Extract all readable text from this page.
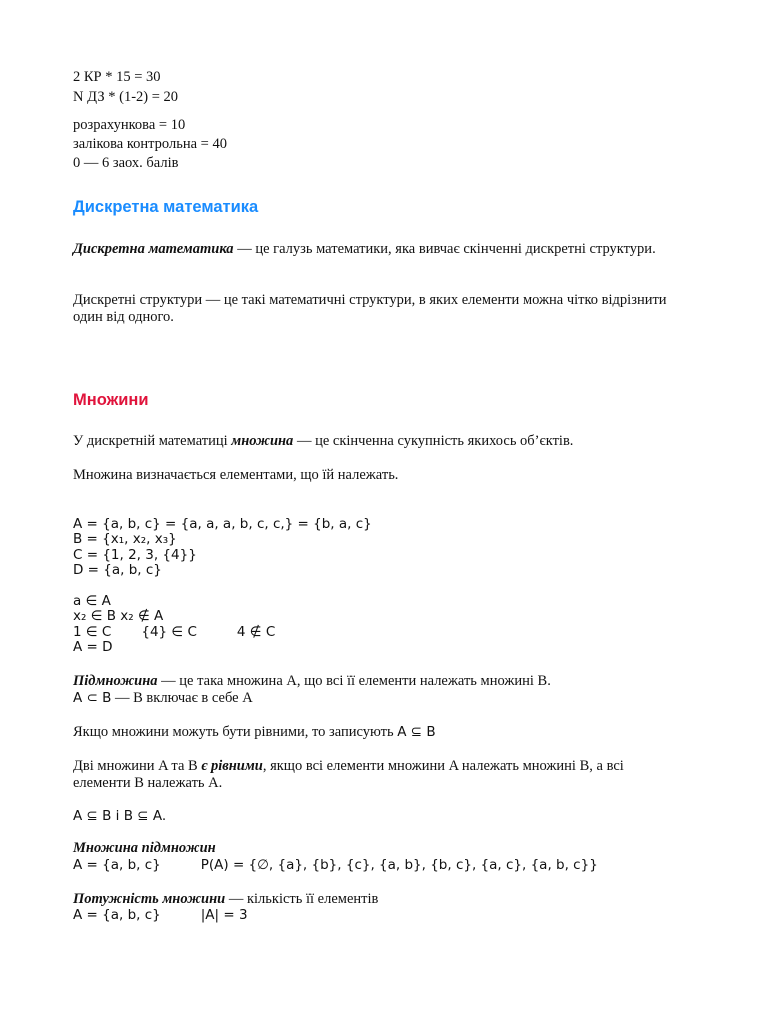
2 КР * 15 = 30
N ДЗ * (1-2) = 20
розрахункова = 10
залікова контрольна = 40
0 — 6 заох. балів
Дискретна математика
Дискретна математика — це галузь математики, яка вивчає скінченні дискретні структури.
Дискретні структури — це такі математичні структури, в яких елементи можна чітко відрізнити один від одного.
Множини
У дискретній математиці множина — це скінченна сукупність якихось об’єктів.
Множина визначається елементами, що їй належать.
A = {a, b, c} = {a, a, a, b, c, c,} = {b, a, c}
B = {x₁, x₂, x₃}
C = {1, 2, 3, {4}}
D = {a, b, c}
a ∈ A
x₂ ∈ B x₂ ∉ A
1 ∈ C {4} ∈ C	4 ∉ C
A = D
Підмножина — це така множина A, що всі її елементи належать множині B.
A ⊂ B — B включає в себе A
Якщо множини можуть бути рівними, то записують A ⊆ B
Дві множини A та B є рівними, якщо всі елементи множини A належать множині B, а всі елементи B належать A.
A ⊆ B і B ⊆ A.
Множина підмножин
A = {a, b, c}	P(A) = {∅, {a}, {b}, {c}, {a, b}, {b, c}, {a, c}, {a, b, c}}
Потужність множини — кількість її елементів
A = {a, b, c}	|A| = 3
